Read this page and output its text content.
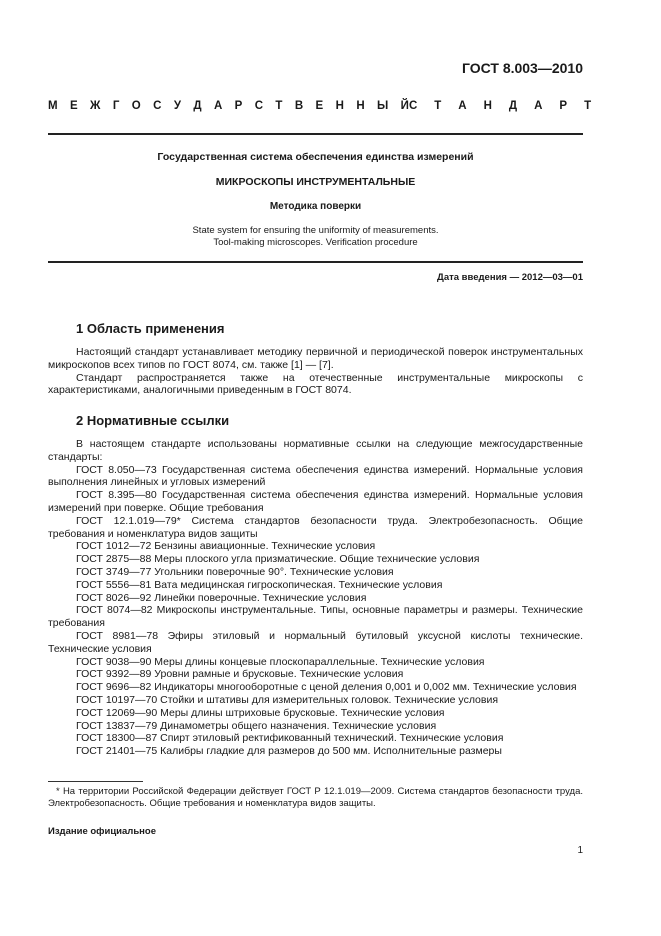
ГОСТ 8.003—2010
М Е Ж Г О С У Д А Р С Т В Е Н Н Ы Й С Т А Н Д А Р Т
Государственная система обеспечения единства измерений
МИКРОСКОПЫ ИНСТРУМЕНТАЛЬНЫЕ
Методика поверки
State system for ensuring the uniformity of measurements.
Tool-making microscopes. Verification procedure
Дата введения — 2012—03—01
1 Область применения

Настоящий стандарт устанавливает методику первичной и периодической поверок инструментальных микроскопов всех типов по ГОСТ 8074, см. также [1] — [7].

Стандарт распространяется также на отечественные инструментальные микроскопы с характеристиками, аналогичными приведенным в ГОСТ 8074.

2 Нормативные ссылки

В настоящем стандарте использованы нормативные ссылки на следующие межгосударственные стандарты:

ГОСТ 8.050—73 Государственная система обеспечения единства измерений. Нормальные условия выполнения линейных и угловых измерений

ГОСТ 8.395—80 Государственная система обеспечения единства измерений. Нормальные условия измерений при поверке. Общие требования

ГОСТ 12.1.019—79* Система стандартов безопасности труда. Электробезопасность. Общие требования и номенклатура видов защиты

ГОСТ 1012—72 Бензины авиационные. Технические условия

ГОСТ 2875—88 Меры плоского угла призматические. Общие технические условия

ГОСТ 3749—77 Угольники поверочные 90°. Технические условия

ГОСТ 5556—81 Вата медицинская гигроскопическая. Технические условия

ГОСТ 8026—92 Линейки поверочные. Технические условия

ГОСТ 8074—82 Микроскопы инструментальные. Типы, основные параметры и размеры. Технические требования

ГОСТ 8981—78 Эфиры этиловый и нормальный бутиловый уксусной кислоты технические. Технические условия

ГОСТ 9038—90 Меры длины концевые плоскопараллельные. Технические условия

ГОСТ 9392—89 Уровни рамные и брусковые. Технические условия

ГОСТ 9696—82 Индикаторы многооборотные с ценой деления 0,001 и 0,002 мм. Технические условия

ГОСТ 10197—70 Стойки и штативы для измерительных головок. Технические условия

ГОСТ 12069—90 Меры длины штриховые брусковые. Технические условия

ГОСТ 13837—79 Динамометры общего назначения. Технические условия

ГОСТ 18300—87 Спирт этиловый ректификованный технический. Технические условия

ГОСТ 21401—75 Калибры гладкие для размеров до 500 мм. Исполнительные размеры

* На территории Российской Федерации действует ГОСТ Р 12.1.019—2009. Система стандартов безопасности труда. Электробезопасность. Общие требования и номенклатура видов защиты.
Издание официальное
1
